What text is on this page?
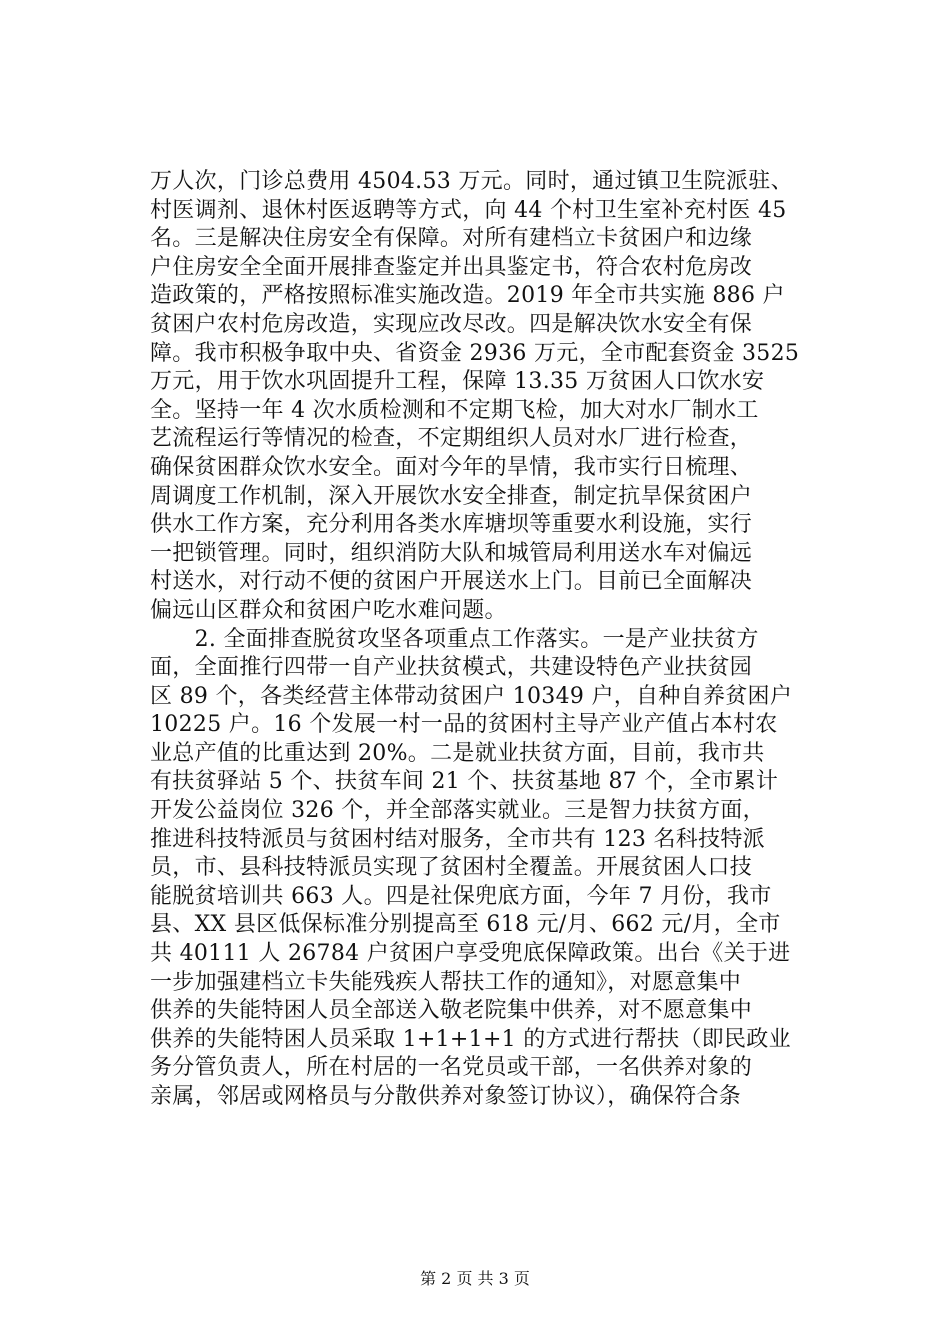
万人次，门诊总费用 4504.53 万元。同时，通过镇卫生院派驻、
村医调剂、退休村医返聘等方式，向 44 个村卫生室补充村医 45
名。三是解决住房安全有保障。对所有建档立卡贫困户和边缘
户住房安全全面开展排查鉴定并出具鉴定书，符合农村危房改
造政策的，严格按照标准实施改造。2019 年全市共实施 886 户
贫困户农村危房改造，实现应改尽改。四是解决饮水安全有保
障。我市积极争取中央、省资金 2936 万元，全市配套资金 3525
万元，用于饮水巩固提升工程，保障 13.35 万贫困人口饮水安
全。坚持一年 4 次水质检测和不定期飞检，加大对水厂制水工
艺流程运行等情况的检查，不定期组织人员对水厂进行检查，
确保贫困群众饮水安全。面对今年的旱情，我市实行日梳理、
周调度工作机制，深入开展饮水安全排查，制定抗旱保贫困户
供水工作方案，充分利用各类水库塘坝等重要水利设施，实行
一把锁管理。同时，组织消防大队和城管局利用送水车对偏远
村送水，对行动不便的贫困户开展送水上门。目前已全面解决
偏远山区群众和贫困户吃水难问题。
　　2. 全面排查脱贫攻坚各项重点工作落实。一是产业扶贫方
面，全面推行四带一自产业扶贫模式，共建设特色产业扶贫园
区 89 个，各类经营主体带动贫困户 10349 户，自种自养贫困户
10225 户。16 个发展一村一品的贫困村主导产业产值占本村农
业总产值的比重达到 20%。二是就业扶贫方面，目前，我市共
有扶贫驿站 5 个、扶贫车间 21 个、扶贫基地 87 个，全市累计
开发公益岗位 326 个，并全部落实就业。三是智力扶贫方面，
推进科技特派员与贫困村结对服务，全市共有 123 名科技特派
员，市、县科技特派员实现了贫困村全覆盖。开展贫困人口技
能脱贫培训共 663 人。四是社保兜底方面，今年 7 月份，我市
县、XX 县区低保标准分别提高至 618 元/月、662 元/月，全市
共 40111 人 26784 户贫困户享受兜底保障政策。出台《关于进
一步加强建档立卡失能残疾人帮扶工作的通知》，对愿意集中
供养的失能特困人员全部送入敬老院集中供养，对不愿意集中
供养的失能特困人员采取 1+1+1+1 的方式进行帮扶（即民政业
务分管负责人，所在村居的一名党员或干部，一名供养对象的
亲属，邻居或网格员与分散供养对象签订协议），确保符合条
第 2 页 共 3 页
